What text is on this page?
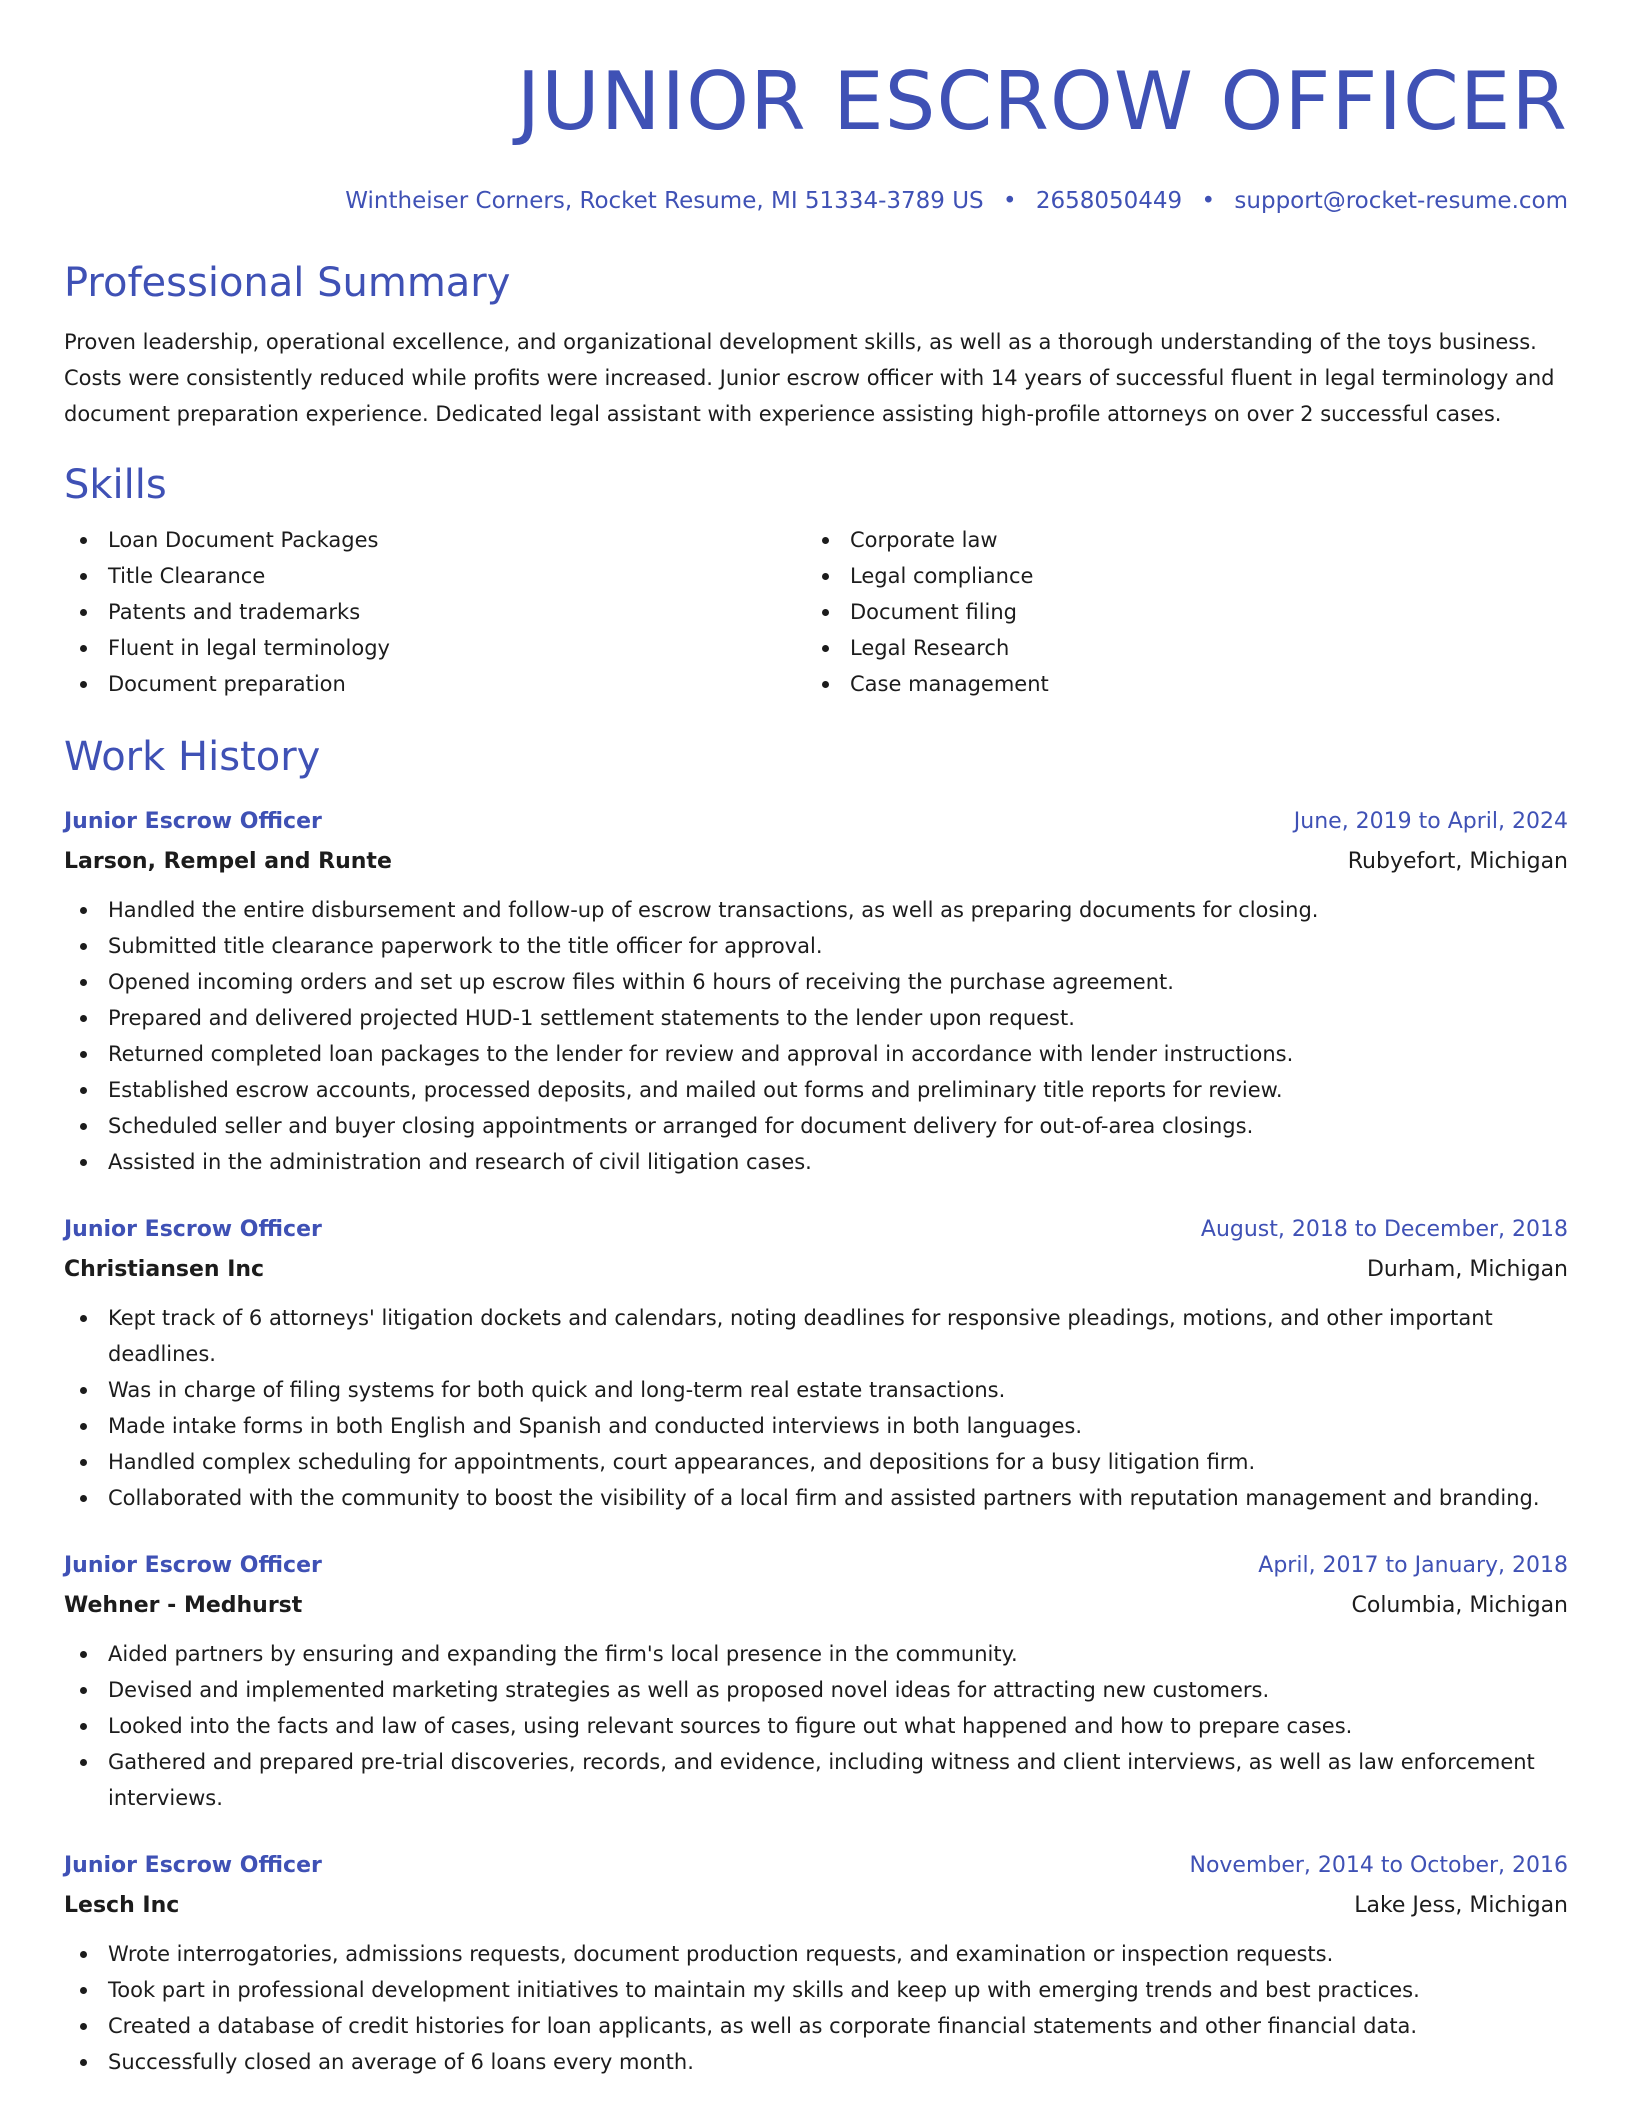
JUNIOR ESCROW OFFICER
Wintheiser Corners, Rocket Resume, MI 51334-3789 US • 2658050449 • support@rocket-resume.com
Professional Summary

Proven leadership, operational excellence, and organizational development skills, as well as a thorough understanding of the toys business. Costs were consistently reduced while profits were increased. Junior escrow officer with 14 years of successful fluent in legal terminology and document preparation experience. Dedicated legal assistant with experience assisting high-profile attorneys on over 2 successful cases.

Skills
Loan Document Packages
Title Clearance
Patents and trademarks
Fluent in legal terminology
Document preparation
Corporate law
Legal compliance
Document filing
Legal Research
Case management
Work History
Junior Escrow Officer	June, 2019 to April, 2024
Larson, Rempel and Runte	Rubyefort, Michigan
Handled the entire disbursement and follow-up of escrow transactions, as well as preparing documents for closing.
Submitted title clearance paperwork to the title officer for approval.
Opened incoming orders and set up escrow files within 6 hours of receiving the purchase agreement.
Prepared and delivered projected HUD-1 settlement statements to the lender upon request.
Returned completed loan packages to the lender for review and approval in accordance with lender instructions.
Established escrow accounts, processed deposits, and mailed out forms and preliminary title reports for review.
Scheduled seller and buyer closing appointments or arranged for document delivery for out-of-area closings.
Assisted in the administration and research of civil litigation cases.
Junior Escrow Officer	August, 2018 to December, 2018
Christiansen Inc	Durham, Michigan
Kept track of 6 attorneys' litigation dockets and calendars, noting deadlines for responsive pleadings, motions, and other important deadlines.
Was in charge of filing systems for both quick and long-term real estate transactions.
Made intake forms in both English and Spanish and conducted interviews in both languages.
Handled complex scheduling for appointments, court appearances, and depositions for a busy litigation firm.
Collaborated with the community to boost the visibility of a local firm and assisted partners with reputation management and branding.
Junior Escrow Officer	April, 2017 to January, 2018
Wehner - Medhurst	Columbia, Michigan
Aided partners by ensuring and expanding the firm's local presence in the community.
Devised and implemented marketing strategies as well as proposed novel ideas for attracting new customers.
Looked into the facts and law of cases, using relevant sources to figure out what happened and how to prepare cases.
Gathered and prepared pre-trial discoveries, records, and evidence, including witness and client interviews, as well as law enforcement interviews.
Junior Escrow Officer	November, 2014 to October, 2016
Lesch Inc	Lake Jess, Michigan
Wrote interrogatories, admissions requests, document production requests, and examination or inspection requests.
Took part in professional development initiatives to maintain my skills and keep up with emerging trends and best practices.
Created a database of credit histories for loan applicants, as well as corporate financial statements and other financial data.
Successfully closed an average of 6 loans every month.
